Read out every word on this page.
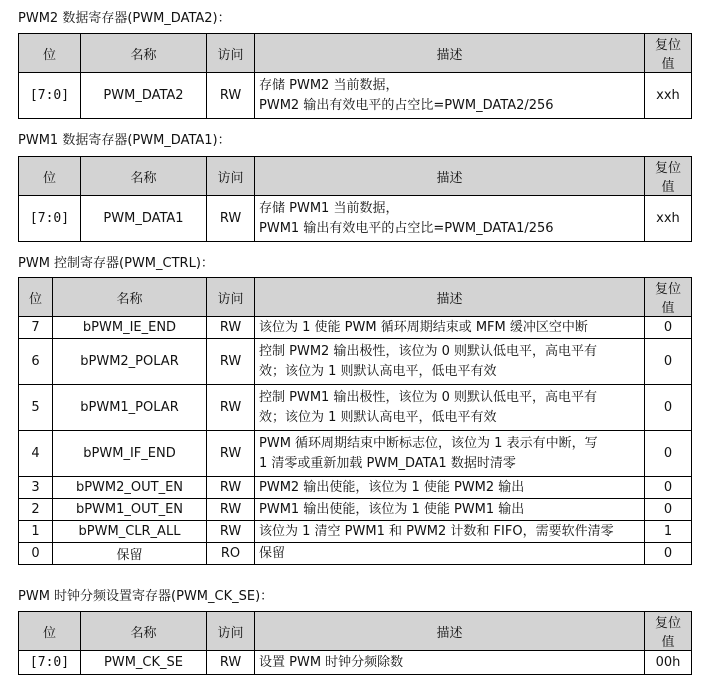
PWM2 数据寄存器(PWM_DATA2)：
位	名称	访问	描述	复位值
[7:0]	PWM_DATA2	RW	存储 PWM2 当前数据，
PWM2 输出有效电平的占空比=PWM_DATA2/256	xxh
PWM1 数据寄存器(PWM_DATA1)：
位	名称	访问	描述	复位值
[7:0]	PWM_DATA1	RW	存储 PWM1 当前数据，
PWM1 输出有效电平的占空比=PWM_DATA1/256	xxh
PWM 控制寄存器(PWM_CTRL)：
位	名称	访问	描述	复位值
7	bPWM_IE_END	RW	该位为 1 使能 PWM 循环周期结束或 MFM 缓冲区空中断	0
6	bPWM2_POLAR	RW	控制 PWM2 输出极性，该位为 0 则默认低电平，高电平有
效；该位为 1 则默认高电平，低电平有效	0
5	bPWM1_POLAR	RW	控制 PWM1 输出极性，该位为 0 则默认低电平，高电平有
效；该位为 1 则默认高电平，低电平有效	0
4	bPWM_IF_END	RW	PWM 循环周期结束中断标志位，该位为 1 表示有中断，写
1 清零或重新加载 PWM_DATA1 数据时清零	0
3	bPWM2_OUT_EN	RW	PWM2 输出使能，该位为 1 使能 PWM2 输出	0
2	bPWM1_OUT_EN	RW	PWM1 输出使能，该位为 1 使能 PWM1 输出	0
1	bPWM_CLR_ALL	RW	该位为 1 清空 PWM1 和 PWM2 计数和 FIFO，需要软件清零	1
0	保留	RO	保留	0
PWM 时钟分频设置寄存器(PWM_CK_SE)：
位	名称	访问	描述	复位值
[7:0]	PWM_CK_SE	RW	设置 PWM 时钟分频除数	00h
